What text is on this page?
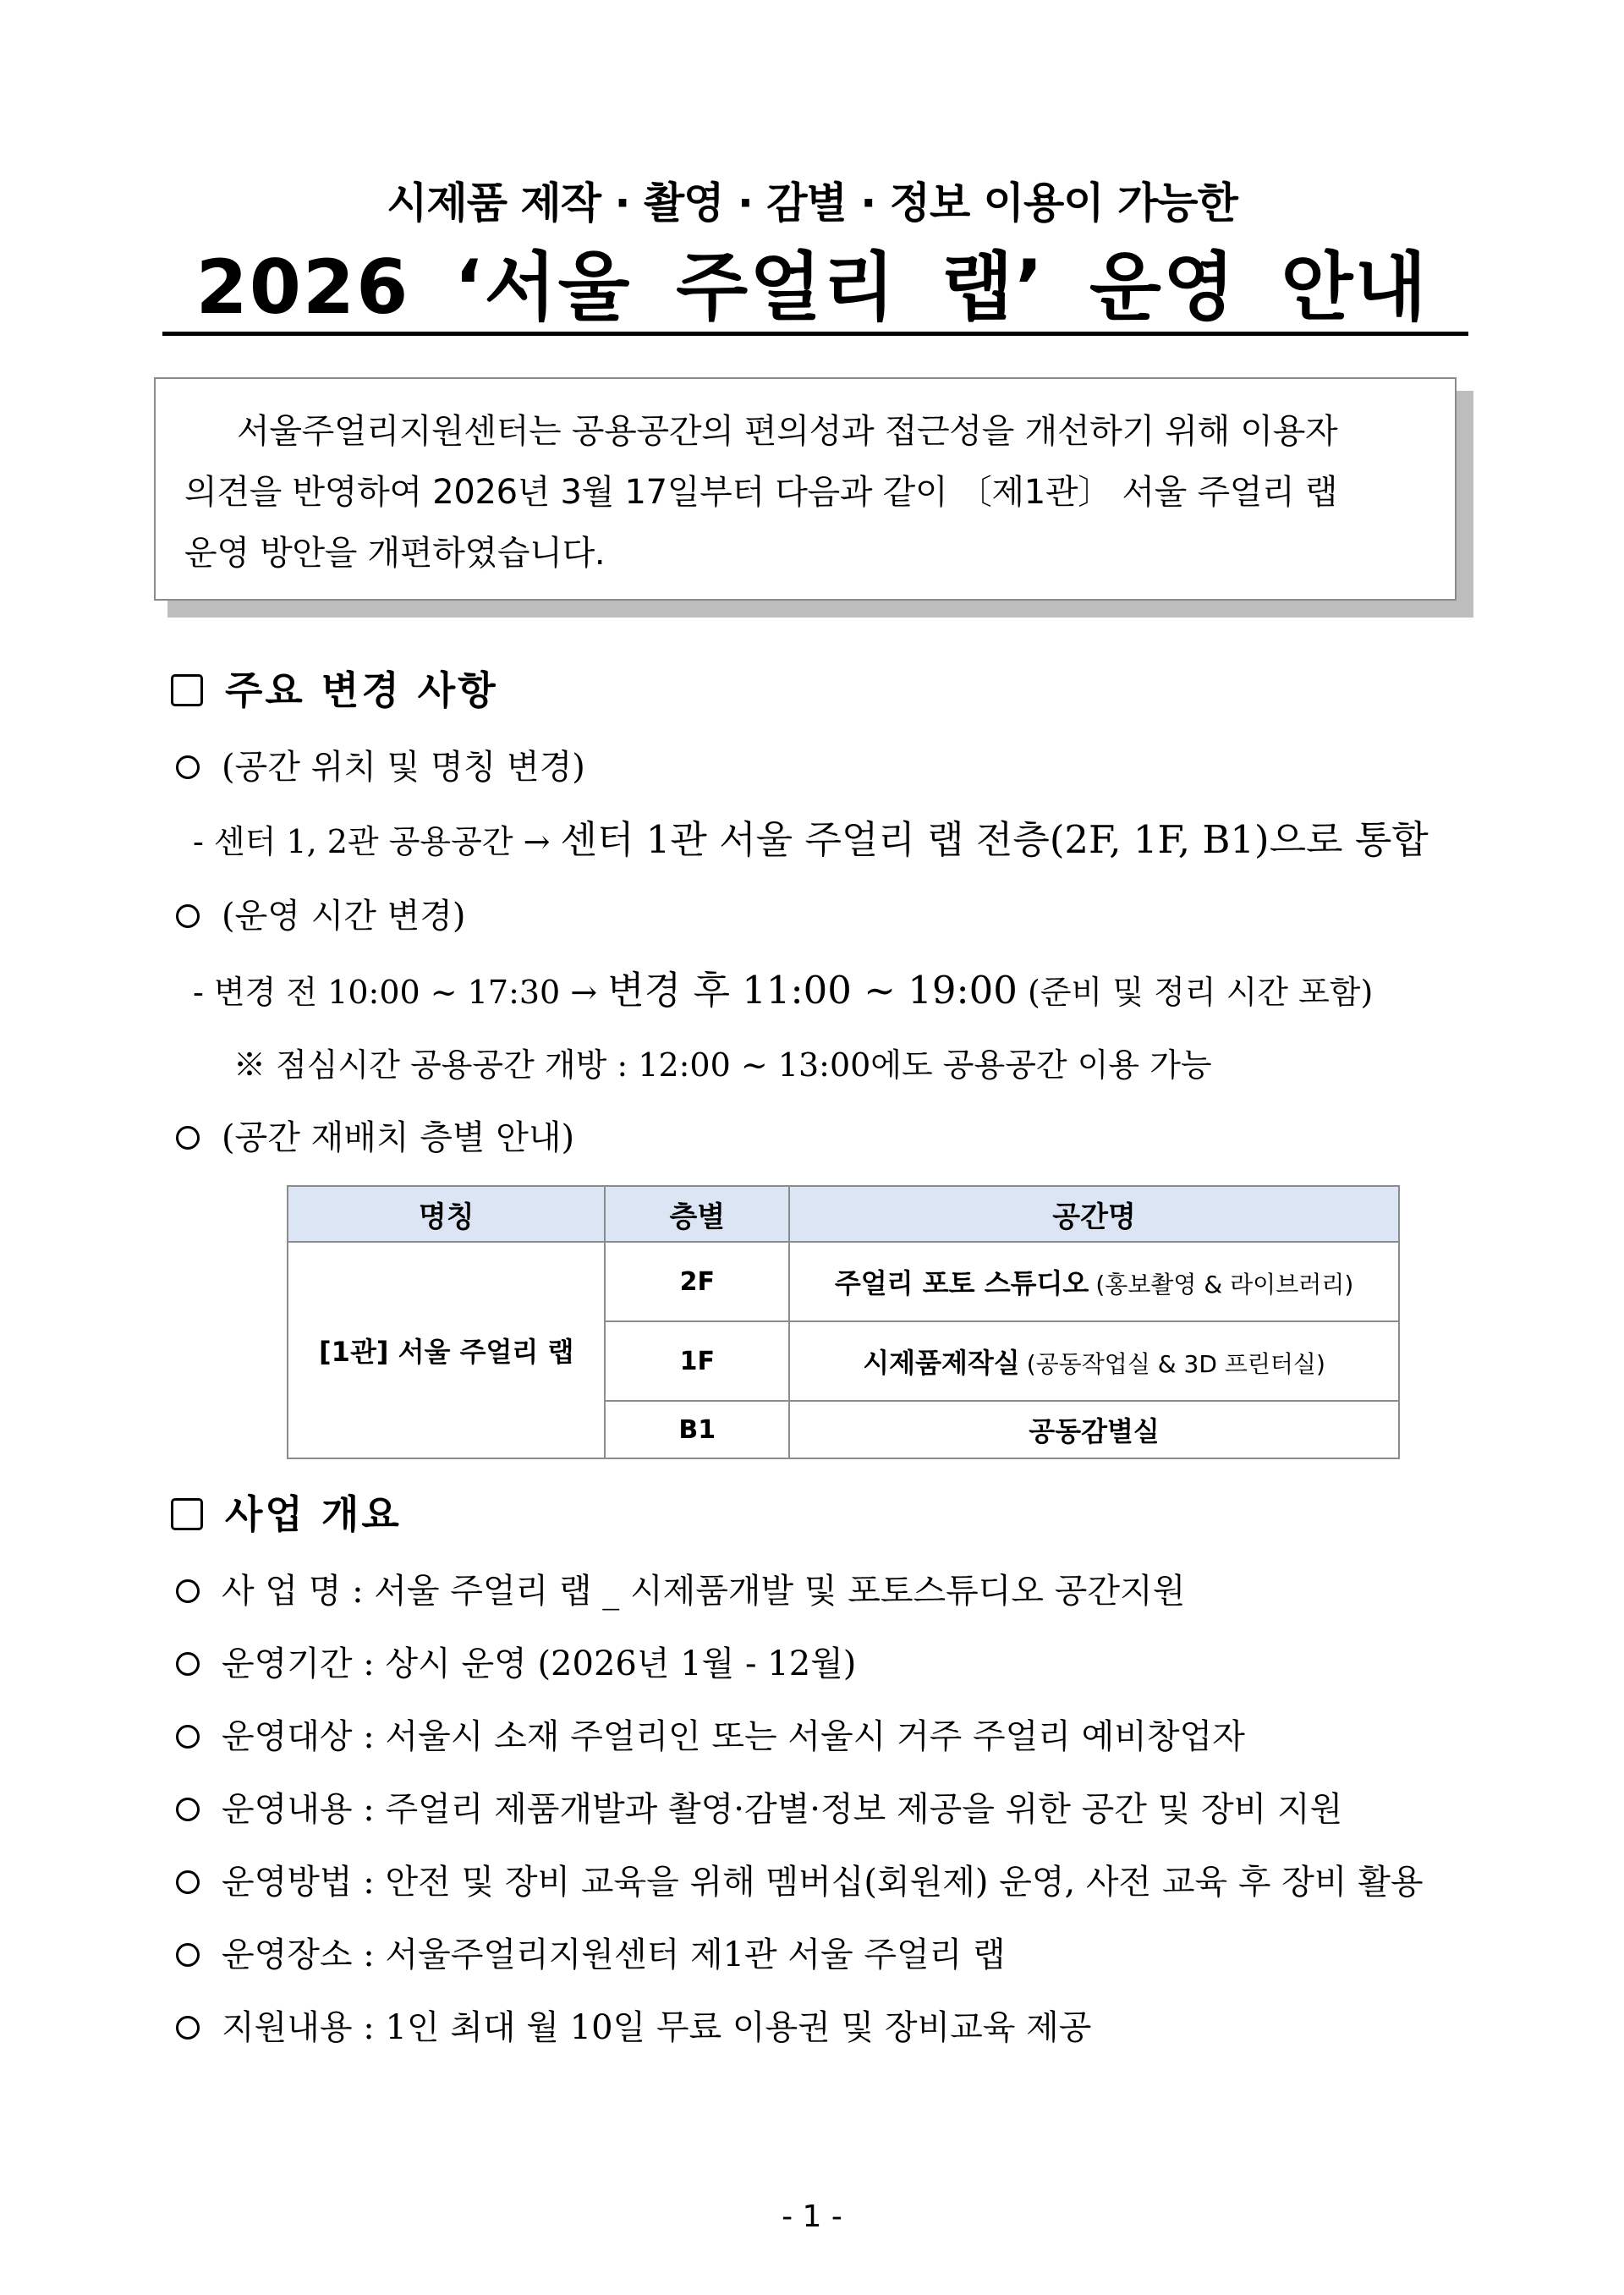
시제품 제작 · 촬영 · 감별 · 정보 이용이 가능한
2026 ‘서울 주얼리 랩’ 운영 안내
서울주얼리지원센터는 공용공간의 편의성과 접근성을 개선하기 위해 이용자
의견을 반영하여 2026년 3월 17일부터 다음과 같이 〔제1관〕 서울 주얼리 랩
운영 방안을 개편하였습니다.
주요 변경 사항
(공간 위치 및 명칭 변경)
- 센터 1, 2관 공용공간 → 센터 1관 서울 주얼리 랩 전층(2F, 1F, B1)으로 통합
(운영 시간 변경)
- 변경 전 10:00 ~ 17:30 → 변경 후 11:00 ~ 19:00 (준비 및 정리 시간 포함)
※ 점심시간 공용공간 개방 : 12:00 ~ 13:00에도 공용공간 이용 가능
(공간 재배치 층별 안내)
명칭	층별	공간명
[1관] 서울 주얼리 랩	2F	주얼리 포토 스튜디오 (홍보촬영 & 라이브러리)
	1F	시제품제작실 (공동작업실 & 3D 프린터실)
	B1	공동감별실
사업 개요
사 업 명 : 서울 주얼리 랩 _ 시제품개발 및 포토스튜디오 공간지원
운영기간 : 상시 운영 (2026년 1월 - 12월)
운영대상 : 서울시 소재 주얼리인 또는 서울시 거주 주얼리 예비창업자
운영내용 : 주얼리 제품개발과 촬영·감별·정보 제공을 위한 공간 및 장비 지원
운영방법 : 안전 및 장비 교육을 위해 멤버십(회원제) 운영, 사전 교육 후 장비 활용
운영장소 : 서울주얼리지원센터 제1관 서울 주얼리 랩
지원내용 : 1인 최대 월 10일 무료 이용권 및 장비교육 제공
- 1 -
